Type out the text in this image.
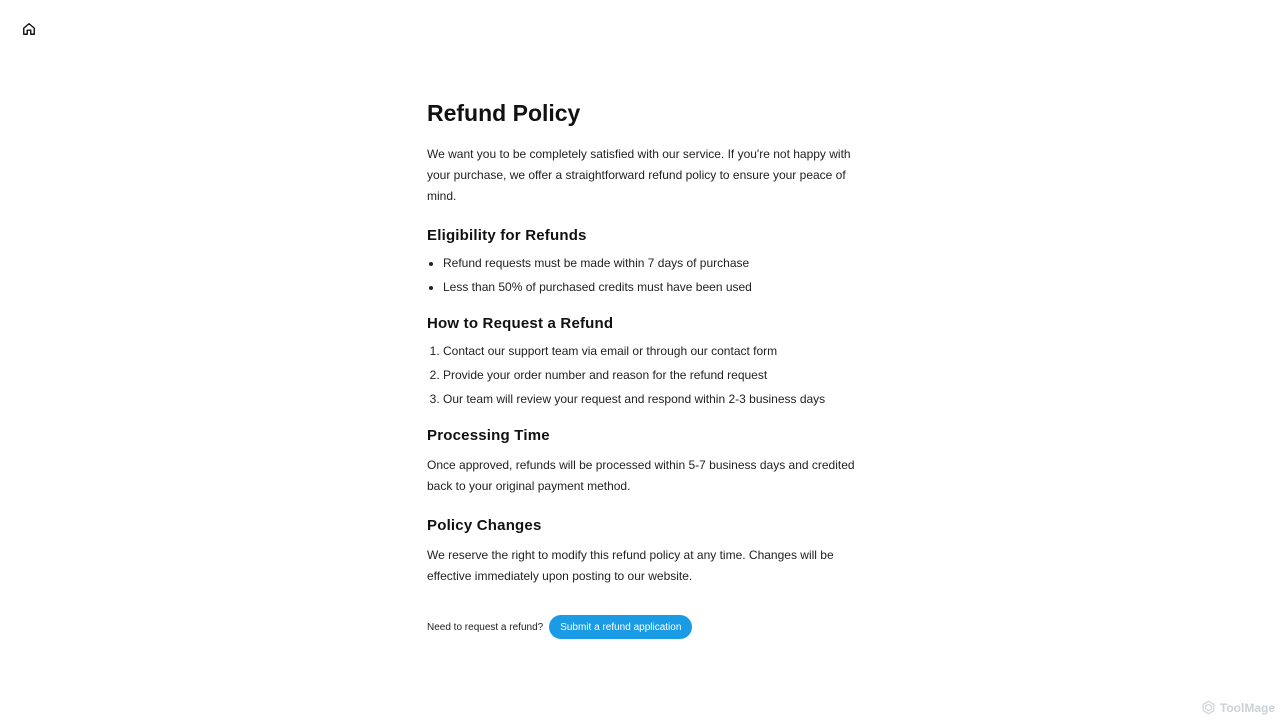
Refund Policy

We want you to be completely satisfied with our service. If you're not happy with your purchase, we offer a straightforward refund policy to ensure your peace of mind.

Eligibility for Refunds
• Refund requests must be made within 7 days of purchase
• Less than 50% of purchased credits must have been used
How to Request a Refund
1. Contact our support team via email or through our contact form
2. Provide your order number and reason for the refund request
3. Our team will review your request and respond within 2-3 business days
Processing Time

Once approved, refunds will be processed within 5-7 business days and credited back to your original payment method.

Policy Changes

We reserve the right to modify this refund policy at any time. Changes will be effective immediately upon posting to our website.

Need to request a refund?	Submit a refund application
ToolMage
